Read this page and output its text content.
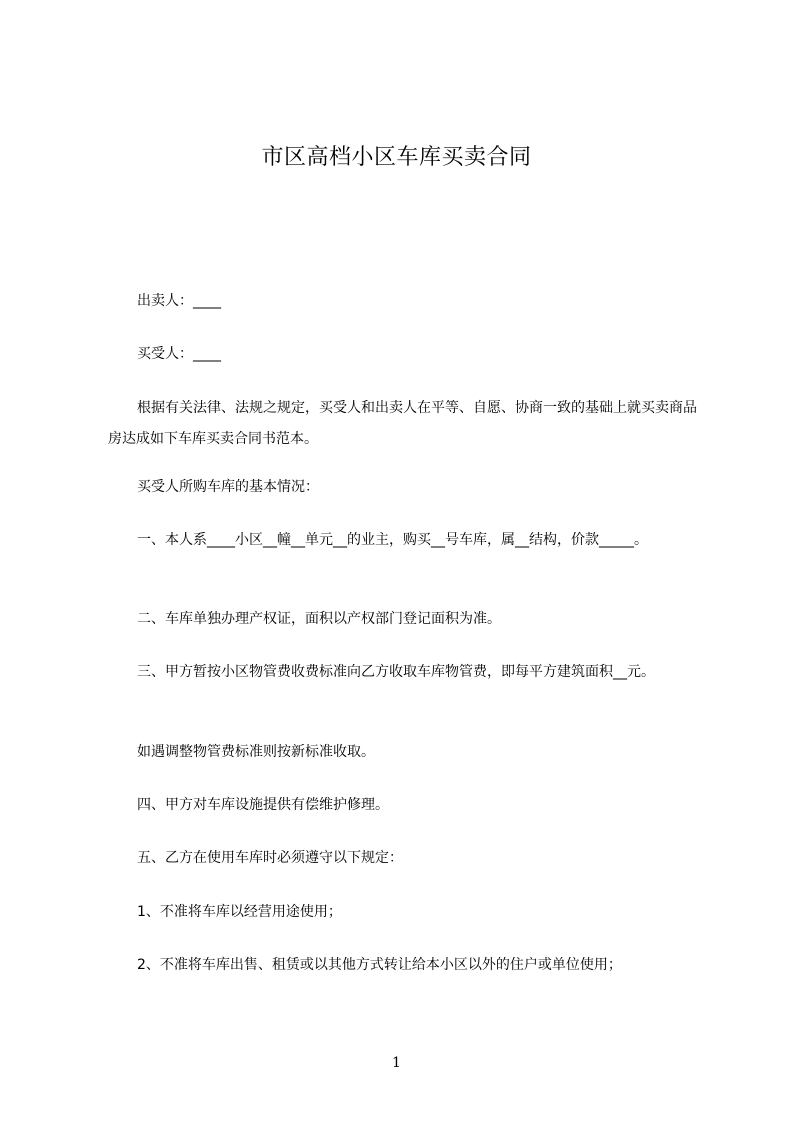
市区高档小区车库买卖合同
出卖人：____
买受人：____
根据有关法律、法规之规定，买受人和出卖人在平等、自愿、协商一致的基础上就买卖商品房达成如下车库买卖合同书范本。
买受人所购车库的基本情况：
一、本人系____小区__幢__单元__的业主，购买__号车库，属__结构，价款_____。
二、车库单独办理产权证，面积以产权部门登记面积为准。
三、甲方暂按小区物管费收费标准向乙方收取车库物管费，即每平方建筑面积__元。
如遇调整物管费标准则按新标准收取。
四、甲方对车库设施提供有偿维护修理。
五、乙方在使用车库时必须遵守以下规定：
1、不准将车库以经营用途使用；
2、不准将车库出售、租赁或以其他方式转让给本小区以外的住户或单位使用；
1
